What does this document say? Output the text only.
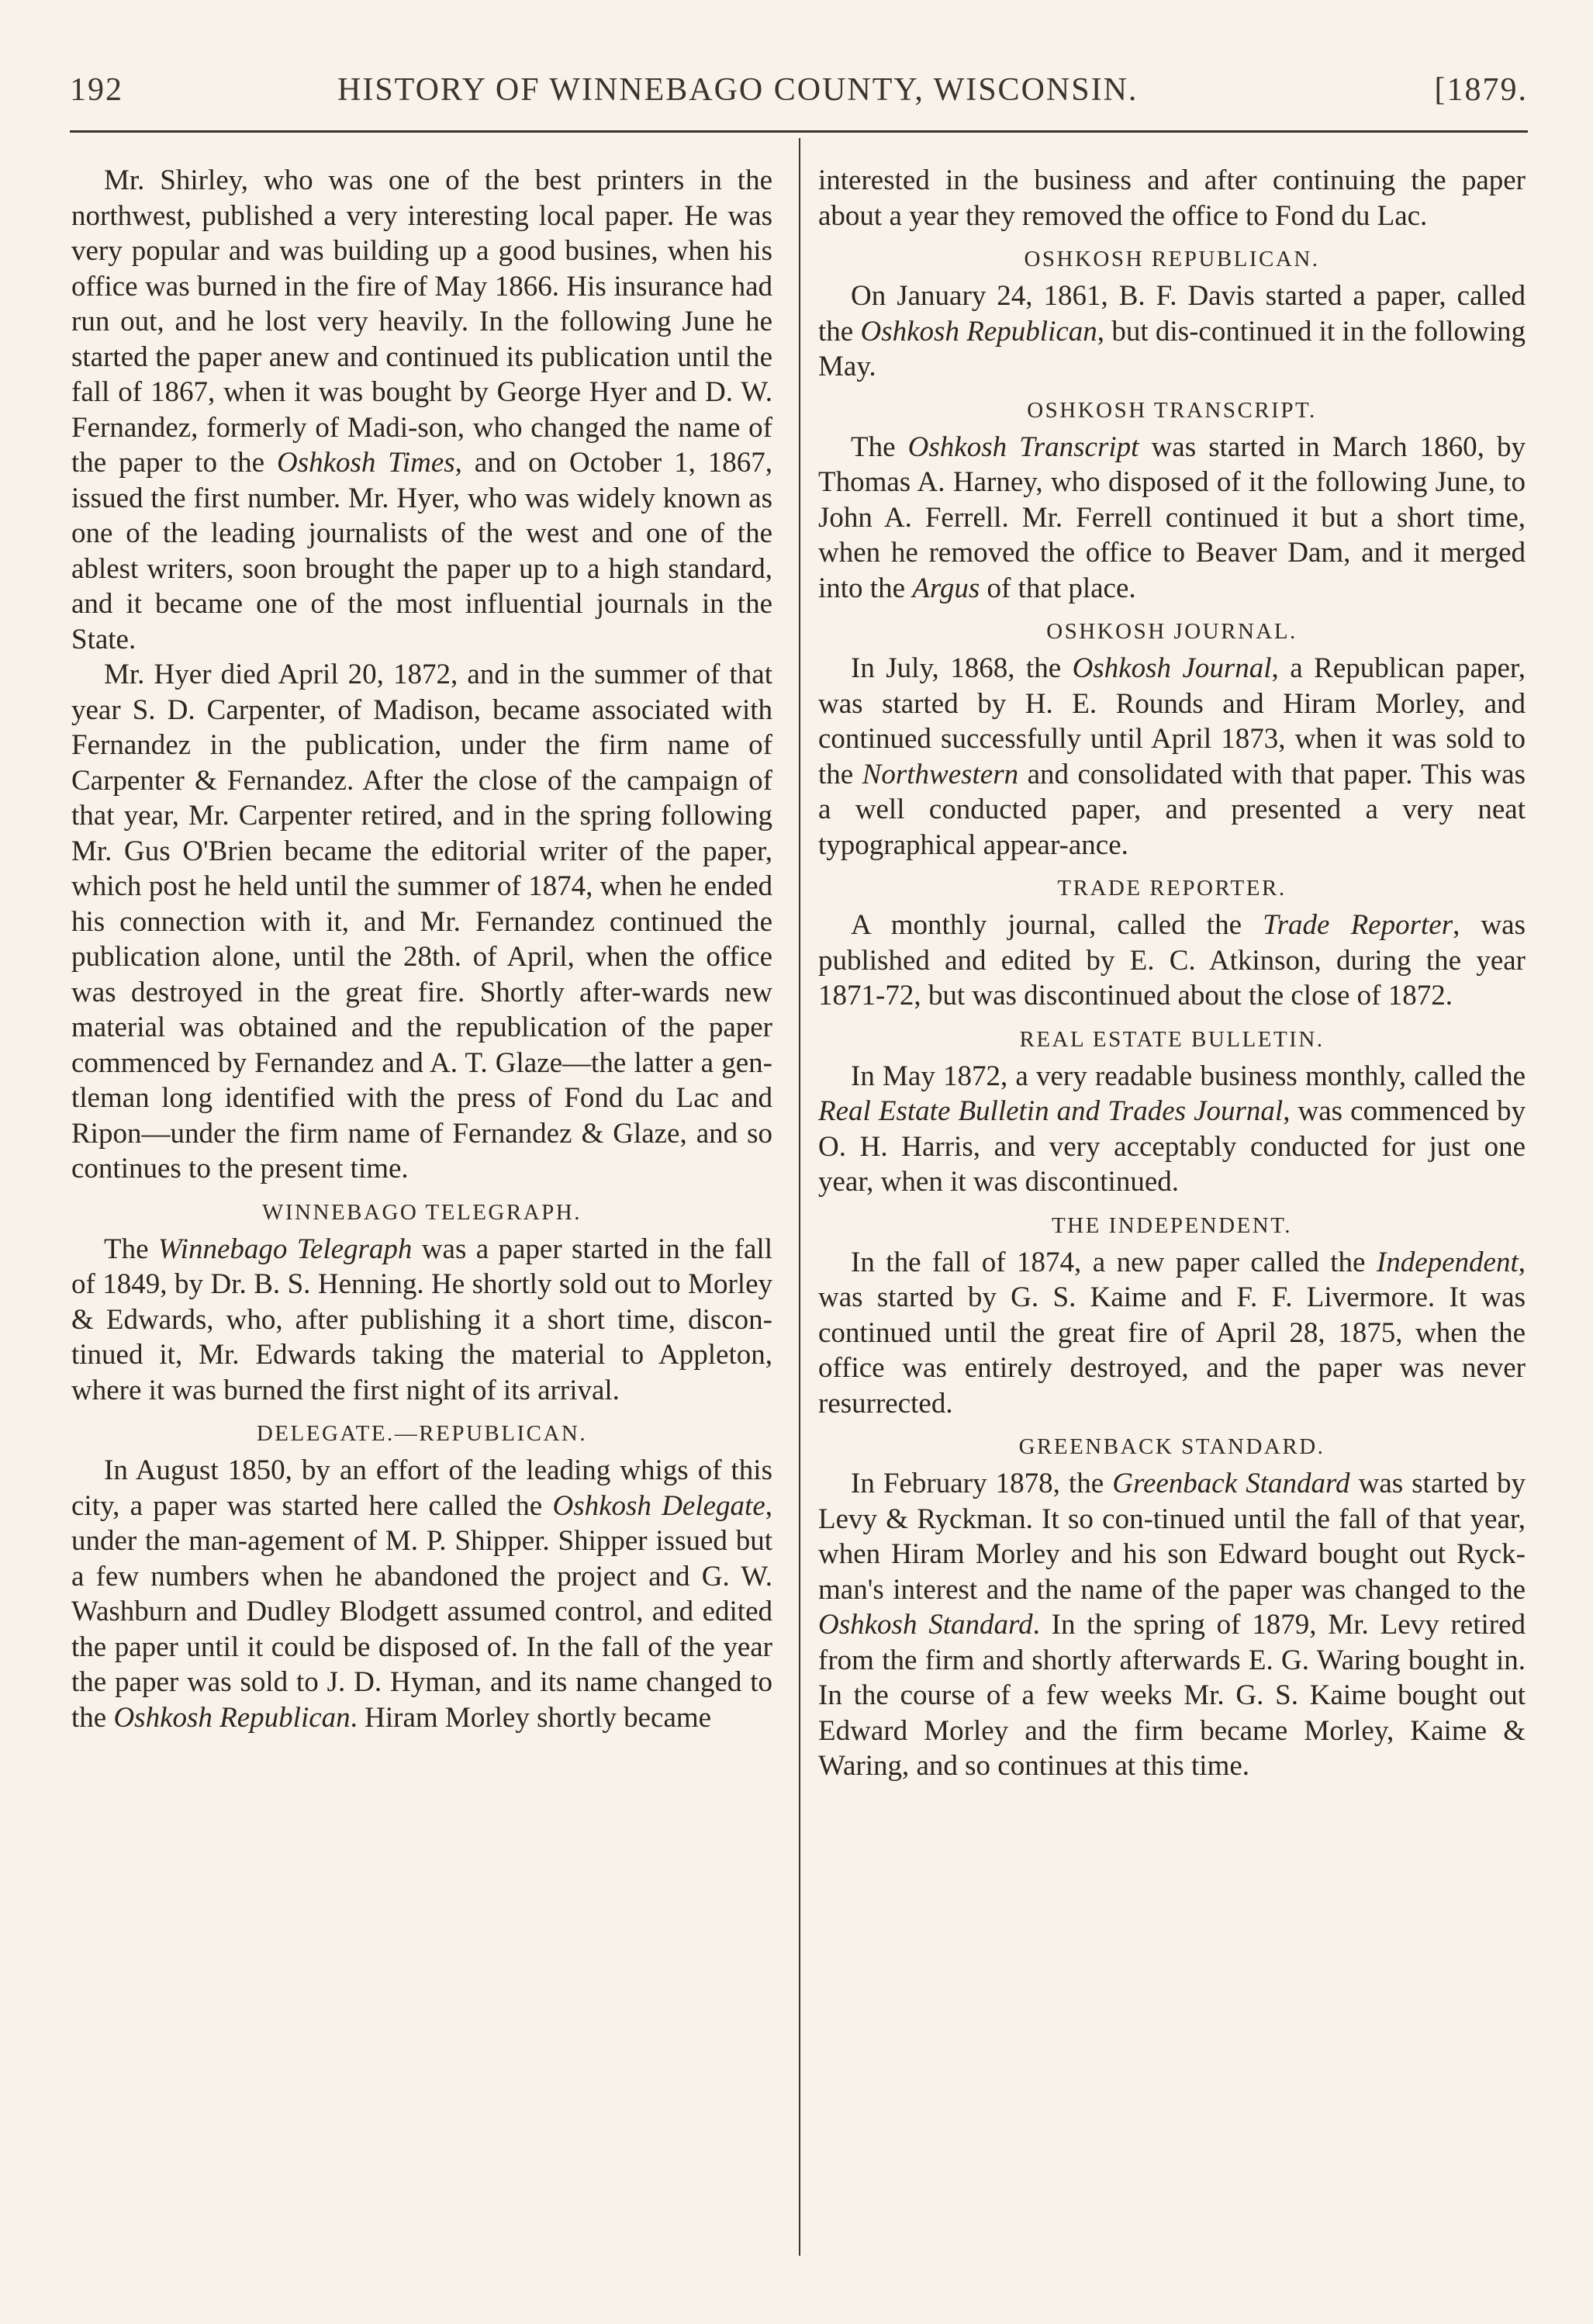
192	HISTORY OF WINNEBAGO COUNTY, WISCONSIN.	[1879.

Mr. Shirley, who was one of the best printers in the northwest, published a very interesting local paper. He was very popular and was building up a good busines, when his office was burned in the fire of May 1866. His insurance had run out, and he lost very heavily. In the following June he started the paper anew and continued its publication until the fall of 1867, when it was bought by George Hyer and D. W. Fernandez, formerly of Madi-son, who changed the name of the paper to the Oshkosh Times, and on October 1, 1867, issued the first number. Mr. Hyer, who was widely known as one of the leading journalists of the west and one of the ablest writers, soon brought the paper up to a high standard, and it became one of the most influential journals in the State.

Mr. Hyer died April 20, 1872, and in the summer of that year S. D. Carpenter, of Madison, became associated with Fernandez in the publication, under the firm name of Carpenter & Fernandez. After the close of the campaign of that year, Mr. Carpenter retired, and in the spring following Mr. Gus O'Brien became the editorial writer of the paper, which post he held until the summer of 1874, when he ended his connection with it, and Mr. Fernandez continued the publication alone, until the 28th. of April, when the office was destroyed in the great fire. Shortly after-wards new material was obtained and the republication of the paper commenced by Fernandez and A. T. Glaze—the latter a gen-tleman long identified with the press of Fond du Lac and Ripon—under the firm name of Fernandez & Glaze, and so continues to the present time.

WINNEBAGO TELEGRAPH.

The Winnebago Telegraph was a paper started in the fall of 1849, by Dr. B. S. Henning. He shortly sold out to Morley & Edwards, who, after publishing it a short time, discon-tinued it, Mr. Edwards taking the material to Appleton, where it was burned the first night of its arrival.

DELEGATE.—REPUBLICAN.

In August 1850, by an effort of the leading whigs of this city, a paper was started here called the Oshkosh Delegate, under the man-agement of M. P. Shipper. Shipper issued but a few numbers when he abandoned the project and G. W. Washburn and Dudley Blodgett assumed control, and edited the paper until it could be disposed of. In the fall of the year the paper was sold to J. D. Hyman, and its name changed to the Oshkosh Republican. Hiram Morley shortly became

interested in the business and after continuing the paper about a year they removed the office to Fond du Lac.

OSHKOSH REPUBLICAN.

On January 24, 1861, B. F. Davis started a paper, called the Oshkosh Republican, but dis-continued it in the following May.

OSHKOSH TRANSCRIPT.

The Oshkosh Transcript was started in March 1860, by Thomas A. Harney, who disposed of it the following June, to John A. Ferrell. Mr. Ferrell continued it but a short time, when he removed the office to Beaver Dam, and it merged into the Argus of that place.

OSHKOSH JOURNAL.

In July, 1868, the Oshkosh Journal, a Republican paper, was started by H. E. Rounds and Hiram Morley, and continued successfully until April 1873, when it was sold to the Northwestern and consolidated with that paper. This was a well conducted paper, and presented a very neat typographical appear-ance.

TRADE REPORTER.

A monthly journal, called the Trade Reporter, was published and edited by E. C. Atkinson, during the year 1871-72, but was discontinued about the close of 1872.

REAL ESTATE BULLETIN.

In May 1872, a very readable business monthly, called the Real Estate Bulletin and Trades Journal, was commenced by O. H. Harris, and very acceptably conducted for just one year, when it was discontinued.

THE INDEPENDENT.

In the fall of 1874, a new paper called the Independent, was started by G. S. Kaime and F. F. Livermore. It was continued until the great fire of April 28, 1875, when the office was entirely destroyed, and the paper was never resurrected.

GREENBACK STANDARD.

In February 1878, the Greenback Standard was started by Levy & Ryckman. It so con-tinued until the fall of that year, when Hiram Morley and his son Edward bought out Ryck-man's interest and the name of the paper was changed to the Oshkosh Standard. In the spring of 1879, Mr. Levy retired from the firm and shortly afterwards E. G. Waring bought in. In the course of a few weeks Mr. G. S. Kaime bought out Edward Morley and the firm became Morley, Kaime & Waring, and so continues at this time.
